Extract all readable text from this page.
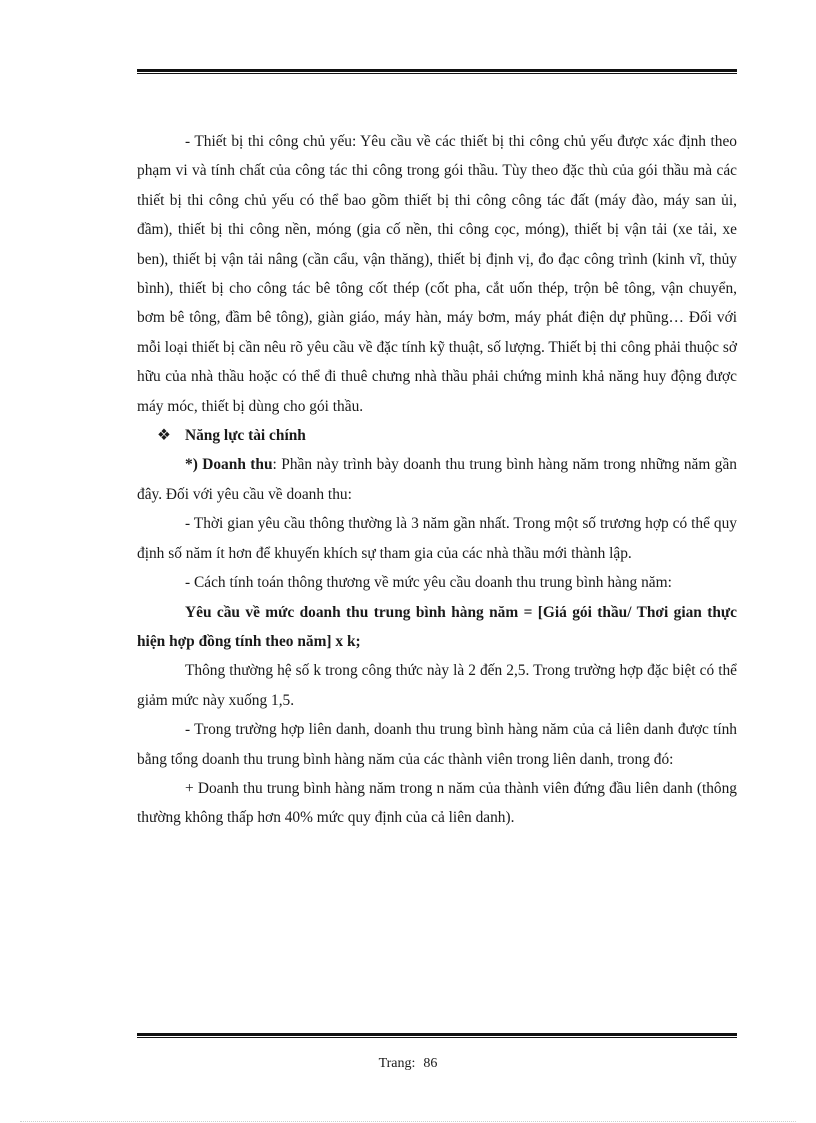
- Thiết bị thi công chủ yếu: Yêu cầu về các thiết bị thi công chủ yếu được xác định theo phạm vi và tính chất của công tác thi công trong gói thầu. Tùy theo đặc thù của gói thầu mà các thiết bị thi công chủ yếu có thể bao gồm thiết bị thi công công tác đất (máy đào, máy san ủi, đầm), thiết bị thi công nền, móng (gia cố nền, thi công cọc, móng), thiết bị vận tải (xe tải, xe ben), thiết bị vận tải nâng (cần cẩu, vận thăng), thiết bị định vị, đo đạc công trình (kinh vĩ, thủy bình), thiết bị cho công tác bê tông cốt thép (cốt pha, cắt uốn thép, trộn bê tông, vận chuyển, bơm bê tông, đầm bê tông), giàn giáo, máy hàn, máy bơm, máy phát điện dự phũng… Đối với mỗi loại thiết bị cần nêu rõ yêu cầu về đặc tính kỹ thuật, số lượng. Thiết bị thi công phải thuộc sở hữu của nhà thầu hoặc có thể đi thuê chưng nhà thầu phải chứng minh khả năng huy động được máy móc, thiết bị dùng cho gói thầu.

❖ Năng lực tài chính

*) Doanh thu: Phần này trình bày doanh thu trung bình hàng năm trong những năm gần đây. Đối với yêu cầu về doanh thu:

- Thời gian yêu cầu thông thường là 3 năm gần nhất. Trong một số trương hợp có thể quy định số năm ít hơn để khuyến khích sự tham gia của các nhà thầu mới thành lập.

- Cách tính toán thông thương về mức yêu cầu doanh thu trung bình hàng năm:

Yêu cầu về mức doanh thu trung bình hàng năm = [Giá gói thầu/ Thơi gian thực hiện hợp đồng tính theo năm] x k;

Thông thường hệ số k trong công thức này là 2 đến 2,5. Trong trường hợp đặc biệt có thể giảm mức này xuống 1,5.

- Trong trường hợp liên danh, doanh thu trung bình hàng năm của cả liên danh được tính bằng tổng doanh thu trung bình hàng năm của các thành viên trong liên danh, trong đó:

+ Doanh thu trung bình hàng năm trong n năm của thành viên đứng đầu liên danh (thông thường không thấp hơn 40% mức quy định của cả liên danh).

Trang: 86
